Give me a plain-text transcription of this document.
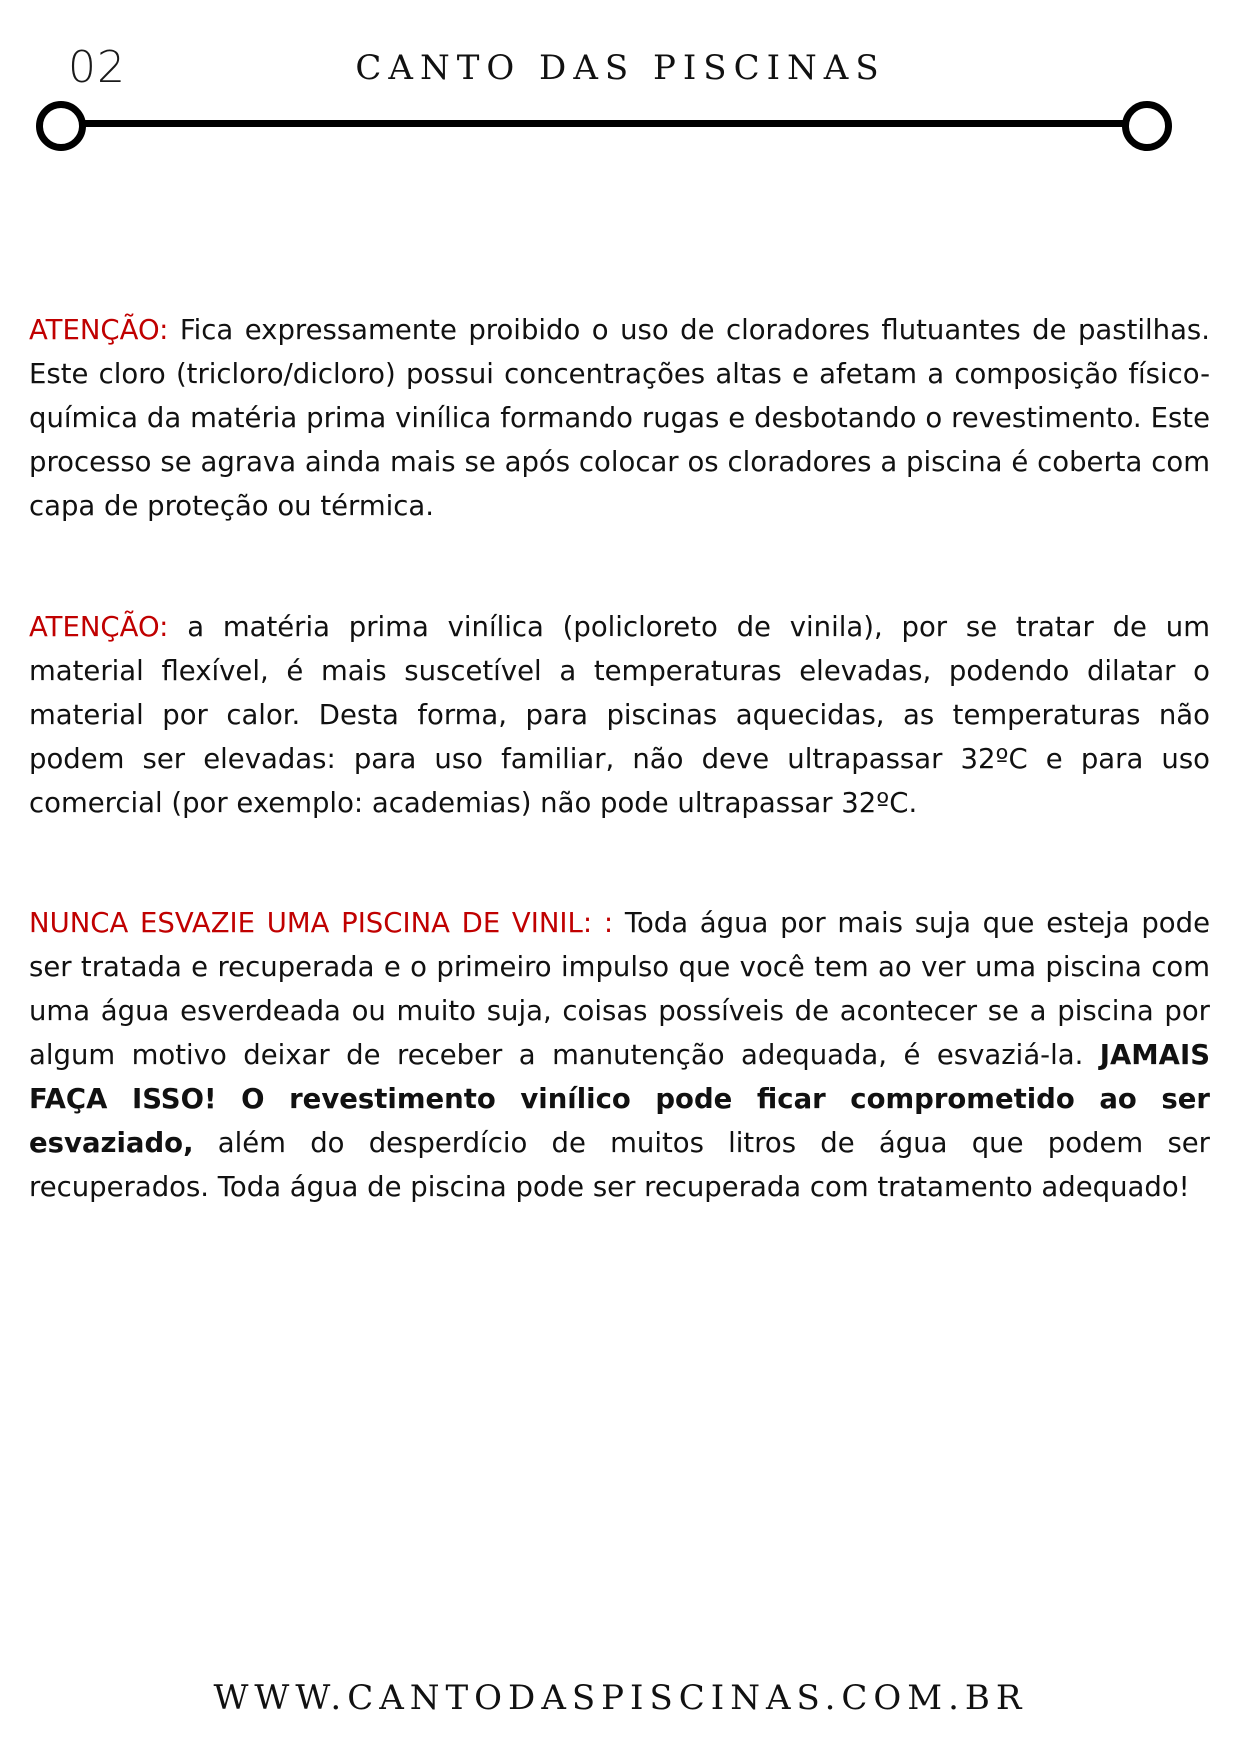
02	CANTO DAS PISCINAS

ATENÇÃO: Fica expressamente proibido o uso de cloradores flutuantes de pastilhas. Este cloro (tricloro/dicloro) possui concentrações altas e afetam a composição físico-química da matéria prima vinílica formando rugas e desbotando o revestimento. Este processo se agrava ainda mais se após colocar os cloradores a piscina é coberta com capa de proteção ou térmica.

ATENÇÃO: a matéria prima vinílica (policloreto de vinila), por se tratar de um material flexível, é mais suscetível a temperaturas elevadas, podendo dilatar o material por calor. Desta forma, para piscinas aquecidas, as temperaturas não podem ser elevadas: para uso familiar, não deve ultrapassar 32ºC e para uso comercial (por exemplo: academias) não pode ultrapassar 32ºC.

NUNCA ESVAZIE UMA PISCINA DE VINIL: : Toda água por mais suja que esteja pode ser tratada e recuperada e o primeiro impulso que você tem ao ver uma piscina com uma água esverdeada ou muito suja, coisas possíveis de acontecer se a piscina por algum motivo deixar de receber a manutenção adequada, é esvaziá-la. JAMAIS FAÇA ISSO! O revestimento vinílico pode ficar comprometido ao ser esvaziado, além do desperdício de muitos litros de água que podem ser recuperados. Toda água de piscina pode ser recuperada com tratamento adequado!

WWW.CANTODASPISCINAS.COM.BR
